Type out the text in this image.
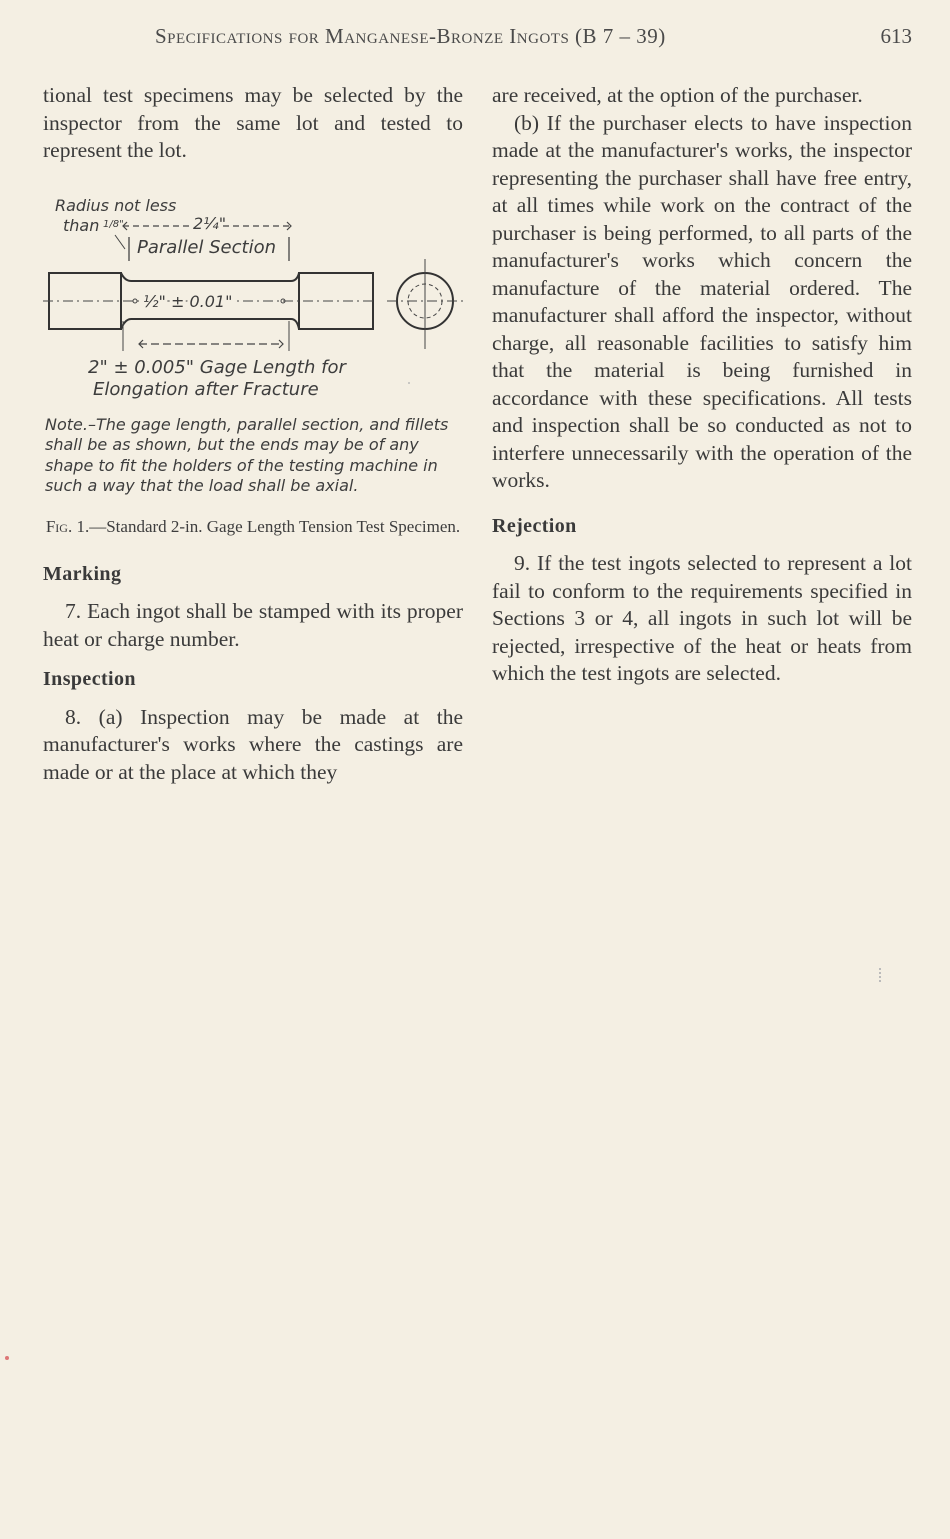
Specifications for Manganese-Bronze Ingots (B 7 – 39)	613

tional test specimens may be selected by the inspector from the same lot and tested to represent the lot.

Radius not less
than 1/8"	2¼"
Parallel Section
½" ± 0.01"
2" ± 0.005" Gage Length for
Elongation after Fracture
Note.–The gage length, parallel section, and fillets shall be as shown, but the ends may be of any shape to fit the holders of the testing machine in such a way that the load shall be axial.
Fig. 1.—Standard 2-in. Gage Length Tension Test Specimen.
Marking

7. Each ingot shall be stamped with its proper heat or charge number.

Inspection

8. (a) Inspection may be made at the manufacturer's works where the castings are made or at the place at which they

are received, at the option of the purchaser.

(b) If the purchaser elects to have inspection made at the manufacturer's works, the inspector representing the purchaser shall have free entry, at all times while work on the contract of the purchaser is being performed, to all parts of the manufacturer's works which concern the manufacture of the material ordered. The manufacturer shall afford the inspector, without charge, all reasonable facilities to satisfy him that the material is being furnished in accordance with these specifications. All tests and inspection shall be so conducted as not to interfere unnecessarily with the operation of the works.

Rejection

9. If the test ingots selected to represent a lot fail to conform to the requirements specified in Sections 3 or 4, all ingots in such lot will be rejected, irrespective of the heat or heats from which the test ingots are selected.
